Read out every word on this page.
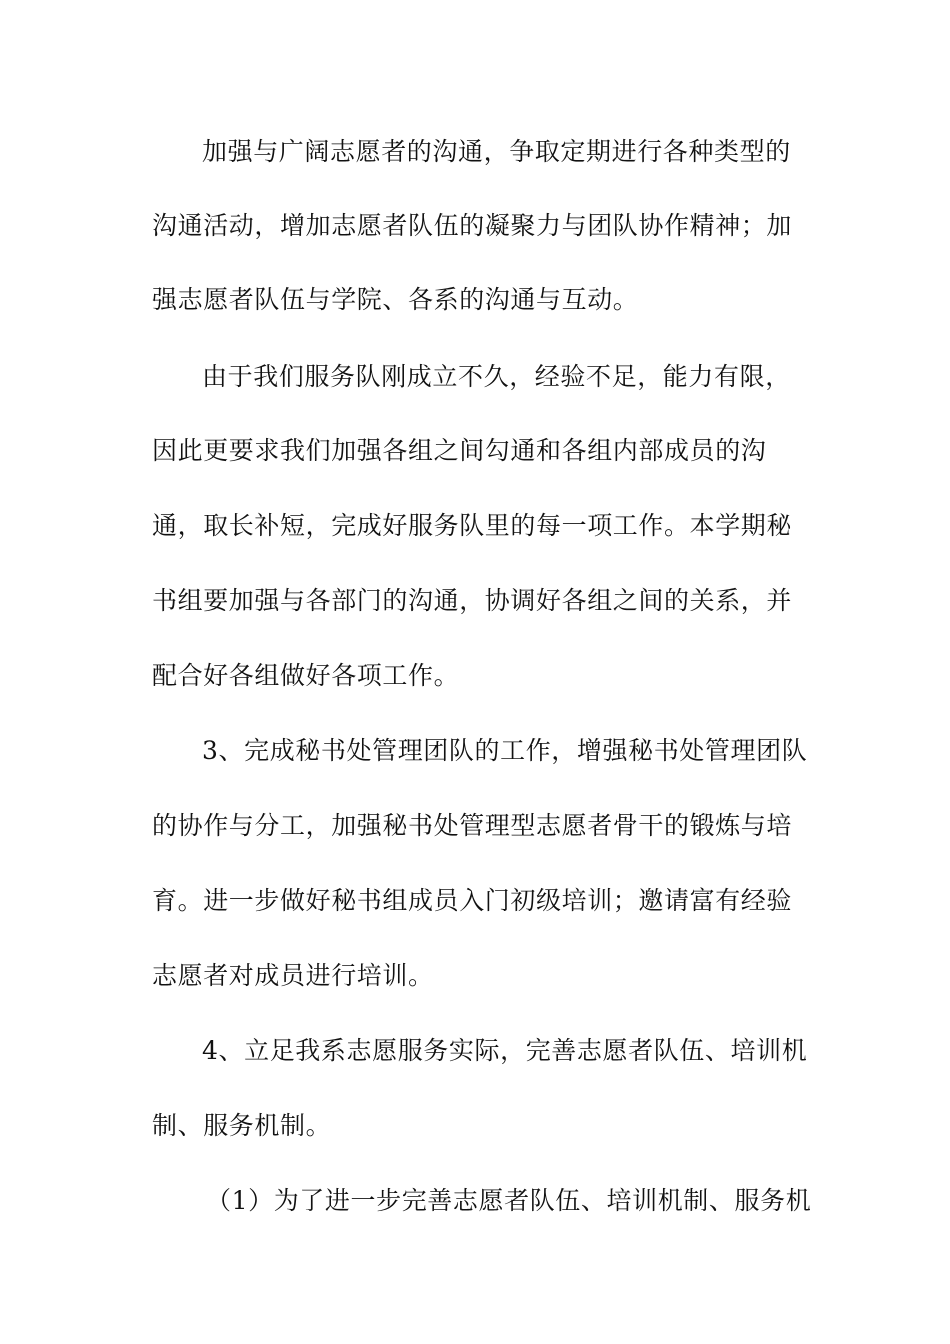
加强与广阔志愿者的沟通，争取定期进行各种类型的
沟通活动，增加志愿者队伍的凝聚力与团队协作精神；加
强志愿者队伍与学院、各系的沟通与互动。
由于我们服务队刚成立不久，经验不足，能力有限，
因此更要求我们加强各组之间勾通和各组内部成员的沟
通，取长补短，完成好服务队里的每一项工作。本学期秘
书组要加强与各部门的沟通，协调好各组之间的关系，并
配合好各组做好各项工作。
3、完成秘书处管理团队的工作，增强秘书处管理团队
的协作与分工，加强秘书处管理型志愿者骨干的锻炼与培
育。进一步做好秘书组成员入门初级培训；邀请富有经验
志愿者对成员进行培训。
4、立足我系志愿服务实际，完善志愿者队伍、培训机
制、服务机制。
（1）为了进一步完善志愿者队伍、培训机制、服务机
